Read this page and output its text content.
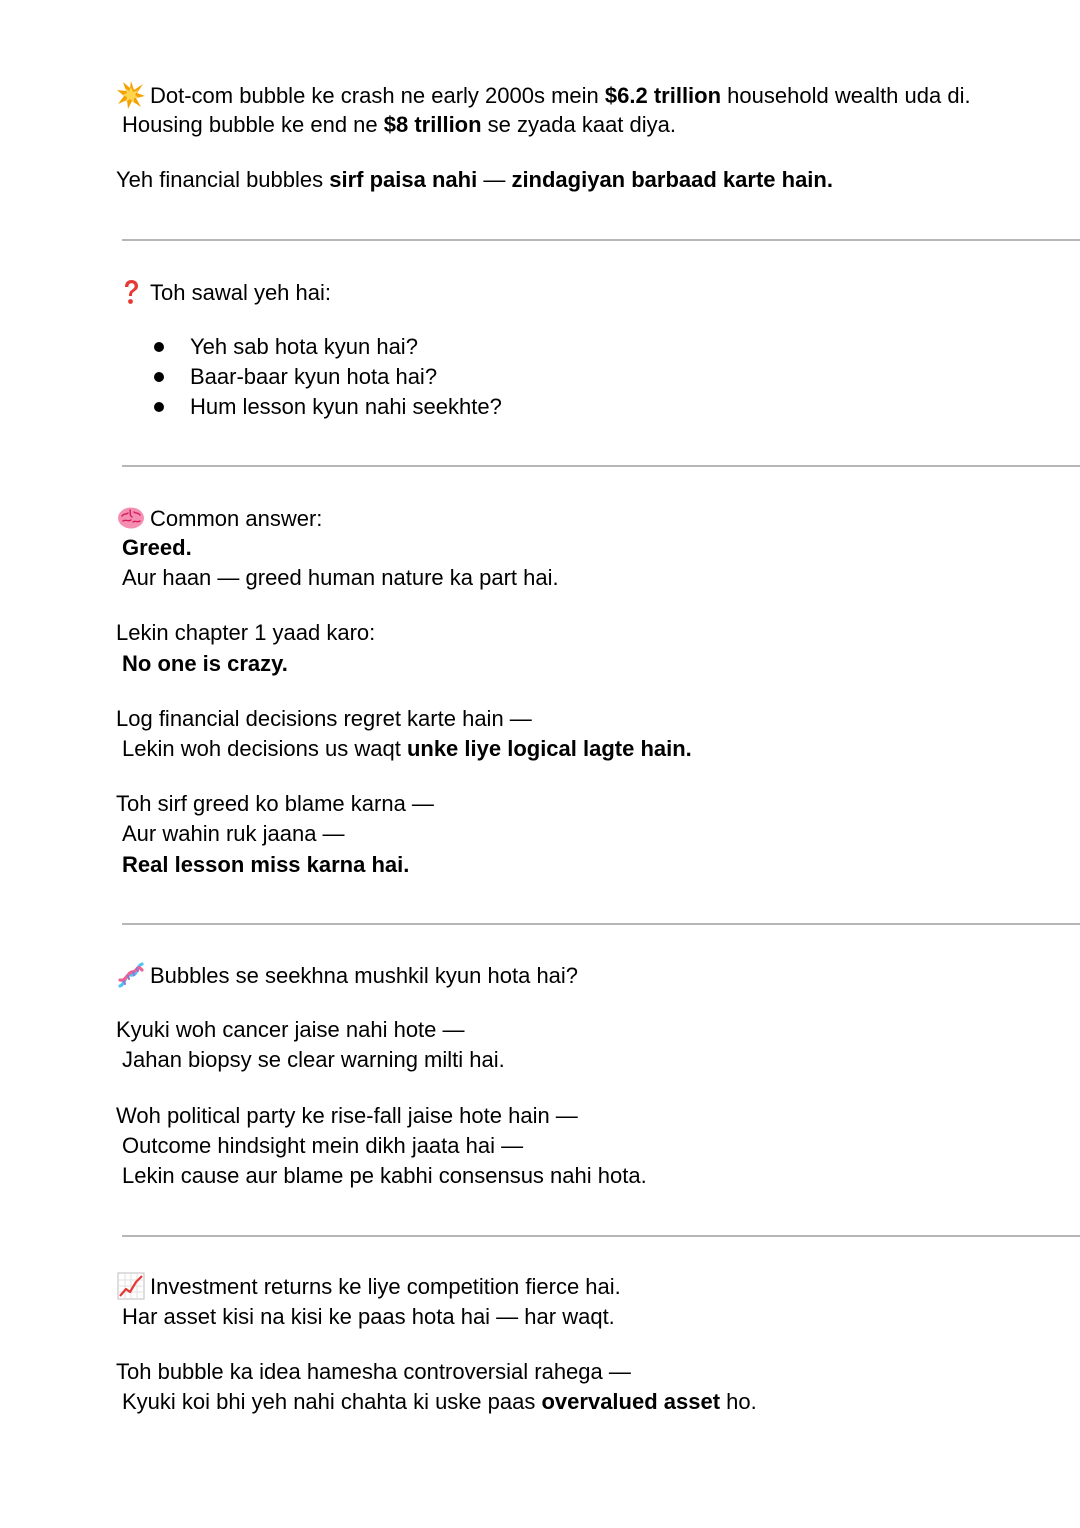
Dot-com bubble ke crash ne early 2000s mein $6.2 trillion household wealth uda di.
Housing bubble ke end ne $8 trillion se zyada kaat diya.
Yeh financial bubbles sirf paisa nahi — zindagiyan barbaad karte hain.
Toh sawal yeh hai:
Yeh sab hota kyun hai?
Baar-baar kyun hota hai?
Hum lesson kyun nahi seekhte?
Common answer:
Greed.
Aur haan — greed human nature ka part hai.
Lekin chapter 1 yaad karo:
No one is crazy.
Log financial decisions regret karte hain —
Lekin woh decisions us waqt unke liye logical lagte hain.
Toh sirf greed ko blame karna —
Aur wahin ruk jaana —
Real lesson miss karna hai.
Bubbles se seekhna mushkil kyun hota hai?
Kyuki woh cancer jaise nahi hote —
Jahan biopsy se clear warning milti hai.
Woh political party ke rise-fall jaise hote hain —
Outcome hindsight mein dikh jaata hai —
Lekin cause aur blame pe kabhi consensus nahi hota.
Investment returns ke liye competition fierce hai.
Har asset kisi na kisi ke paas hota hai — har waqt.
Toh bubble ka idea hamesha controversial rahega —
Kyuki koi bhi yeh nahi chahta ki uske paas overvalued asset ho.
